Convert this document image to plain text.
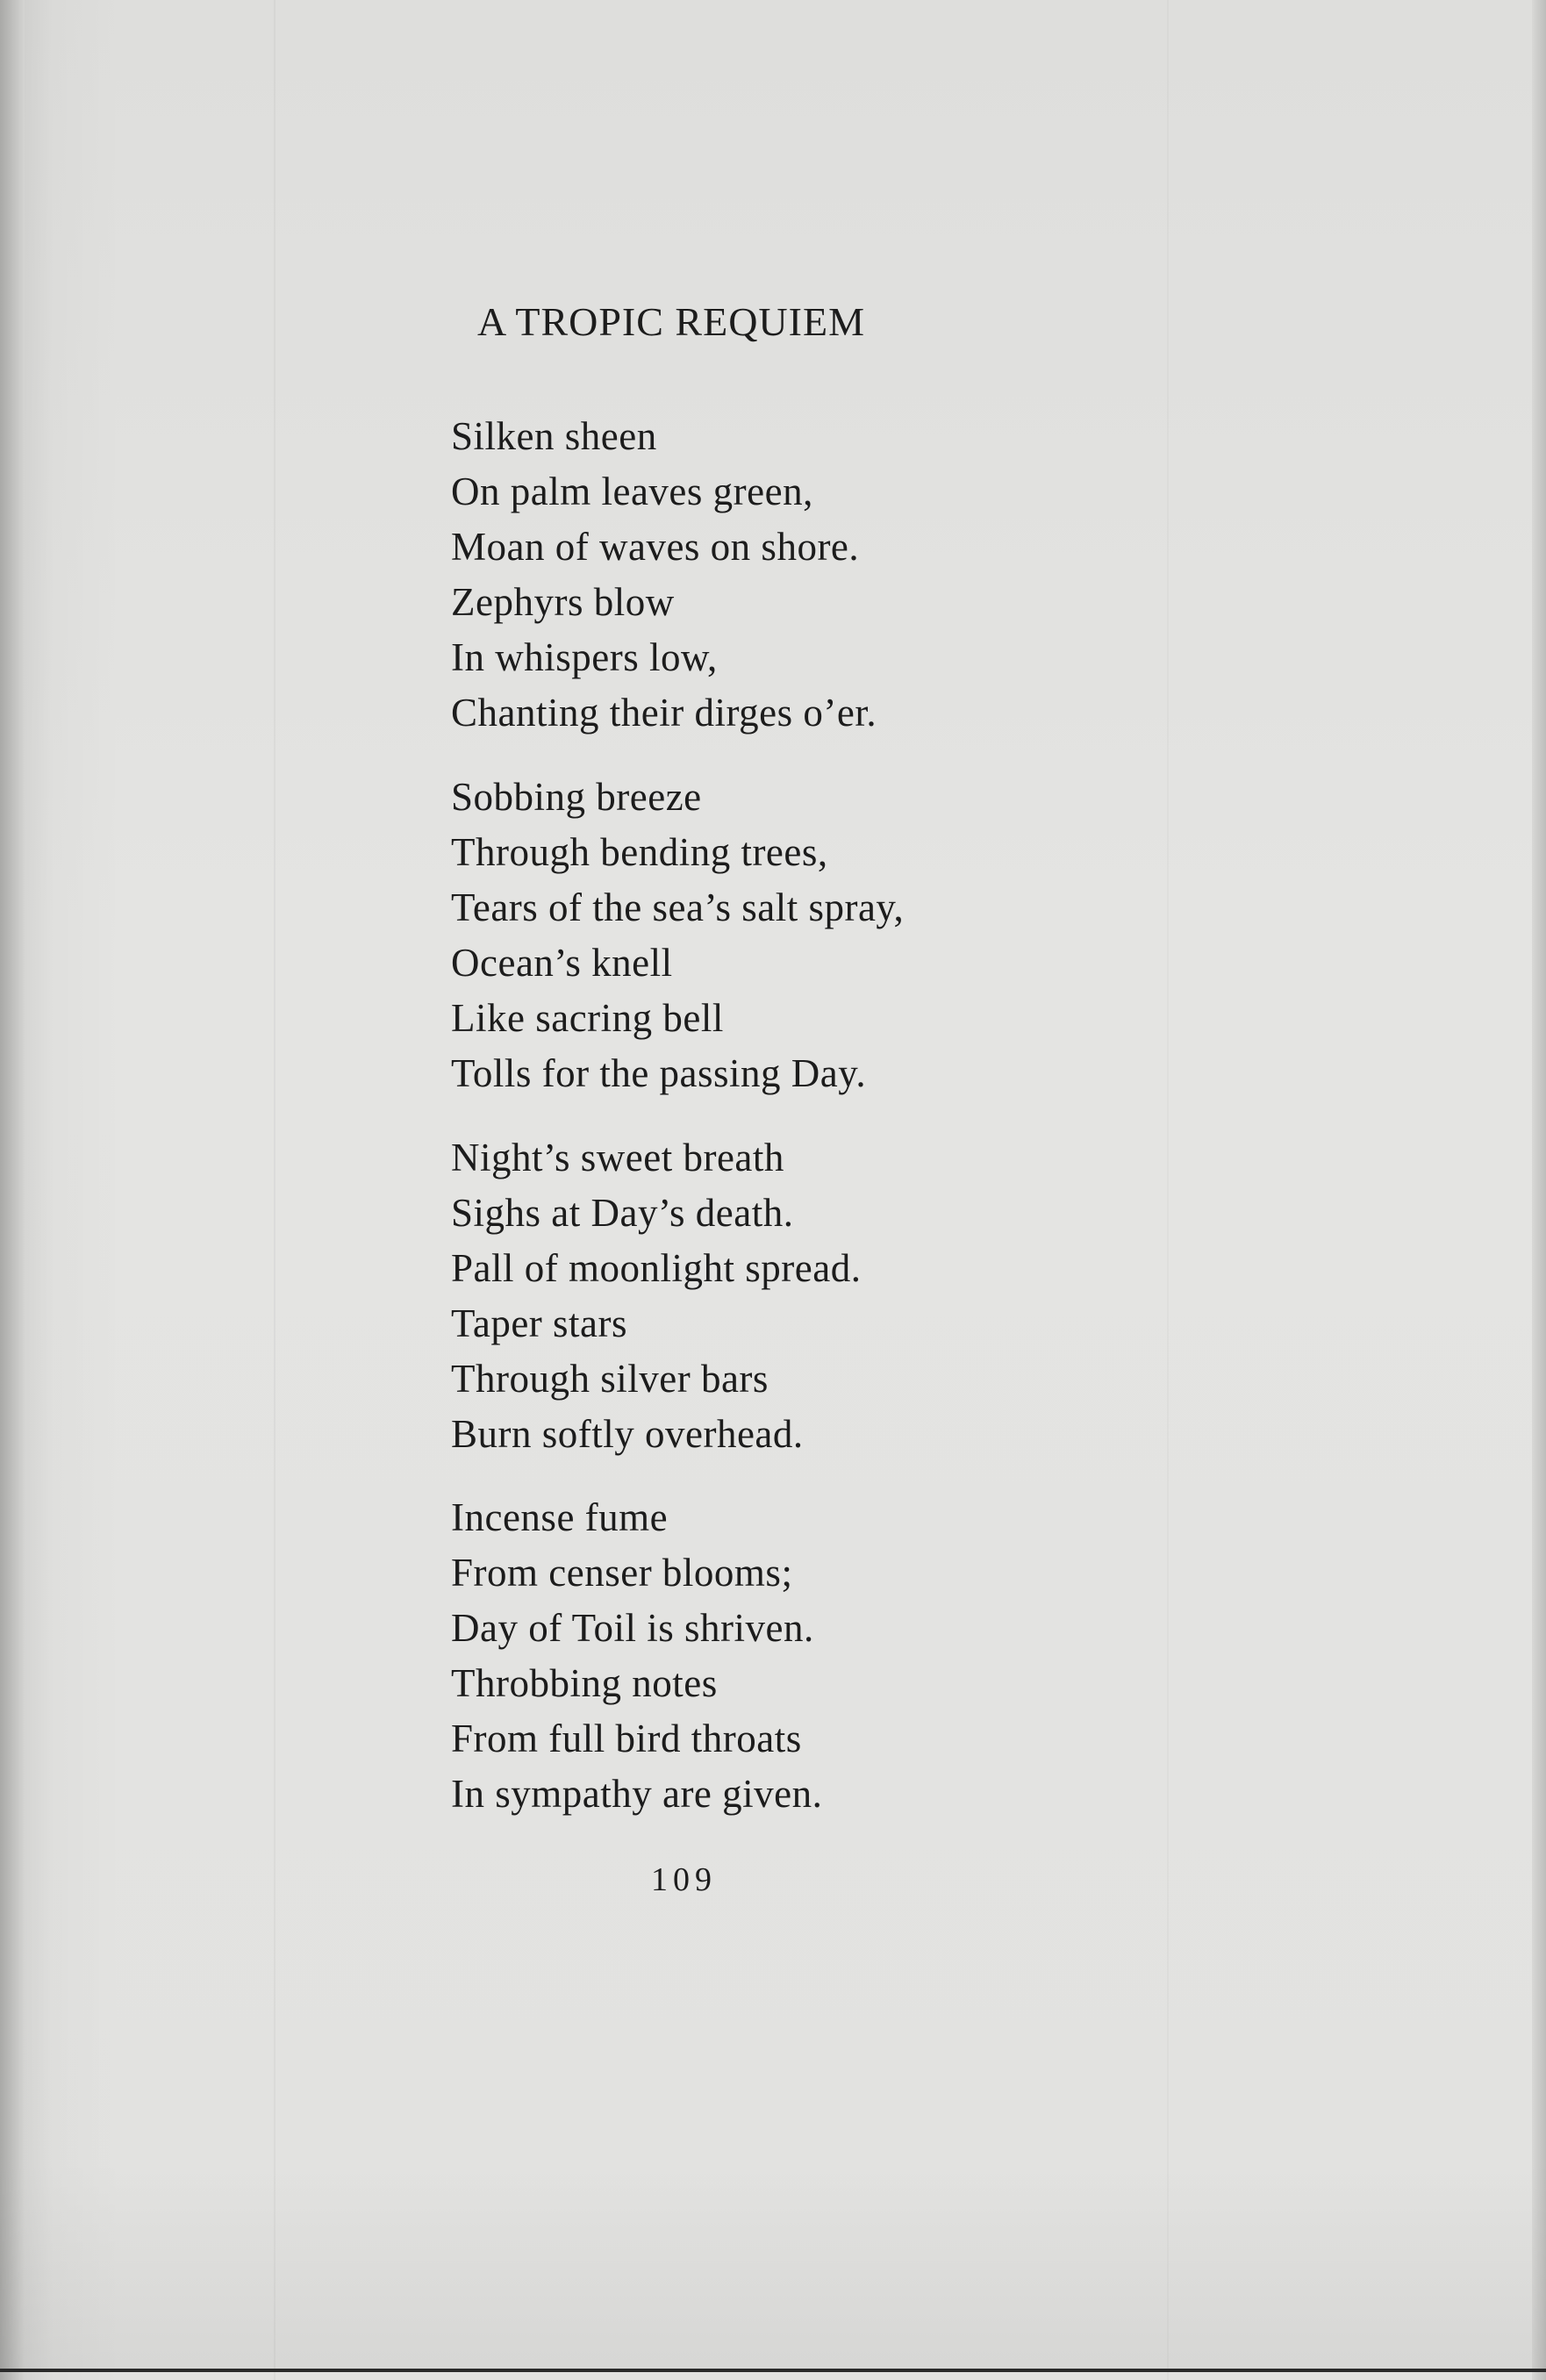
A TROPIC REQUIEM
Silken sheen
On palm leaves green,
Moan of waves on shore.
Zephyrs blow
In whispers low,
Chanting their dirges o’er.
Sobbing breeze
Through bending trees,
Tears of the sea’s salt spray,
Ocean’s knell
Like sacring bell
Tolls for the passing Day.
Night’s sweet breath
Sighs at Day’s death.
Pall of moonlight spread.
Taper stars
Through silver bars
Burn softly overhead.
Incense fume
From censer blooms;
Day of Toil is shriven.
Throbbing notes
From full bird throats
In sympathy are given.
109
